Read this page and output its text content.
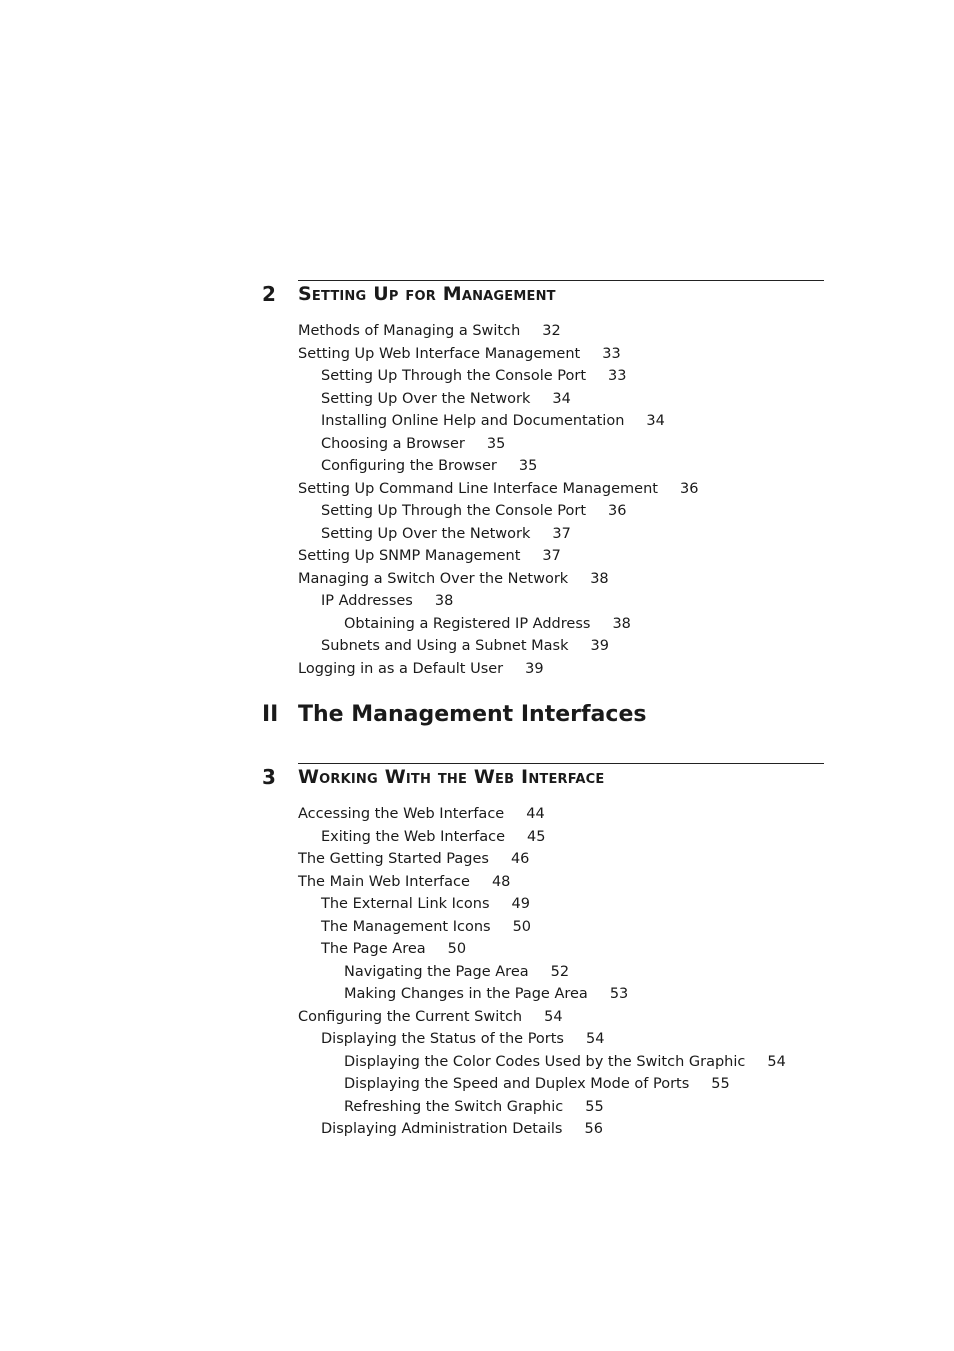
2 Setting Up for Management
Methods of Managing a Switch 32
Setting Up Web Interface Management 33
Setting Up Through the Console Port 33
Setting Up Over the Network 34
Installing Online Help and Documentation 34
Choosing a Browser 35
Configuring the Browser 35
Setting Up Command Line Interface Management 36
Setting Up Through the Console Port 36
Setting Up Over the Network 37
Setting Up SNMP Management 37
Managing a Switch Over the Network 38
IP Addresses 38
Obtaining a Registered IP Address 38
Subnets and Using a Subnet Mask 39
Logging in as a Default User 39
II The Management Interfaces
3 Working With the Web Interface
Accessing the Web Interface 44
Exiting the Web Interface 45
The Getting Started Pages 46
The Main Web Interface 48
The External Link Icons 49
The Management Icons 50
The Page Area 50
Navigating the Page Area 52
Making Changes in the Page Area 53
Configuring the Current Switch 54
Displaying the Status of the Ports 54
Displaying the Color Codes Used by the Switch Graphic 54
Displaying the Speed and Duplex Mode of Ports 55
Refreshing the Switch Graphic 55
Displaying Administration Details 56
